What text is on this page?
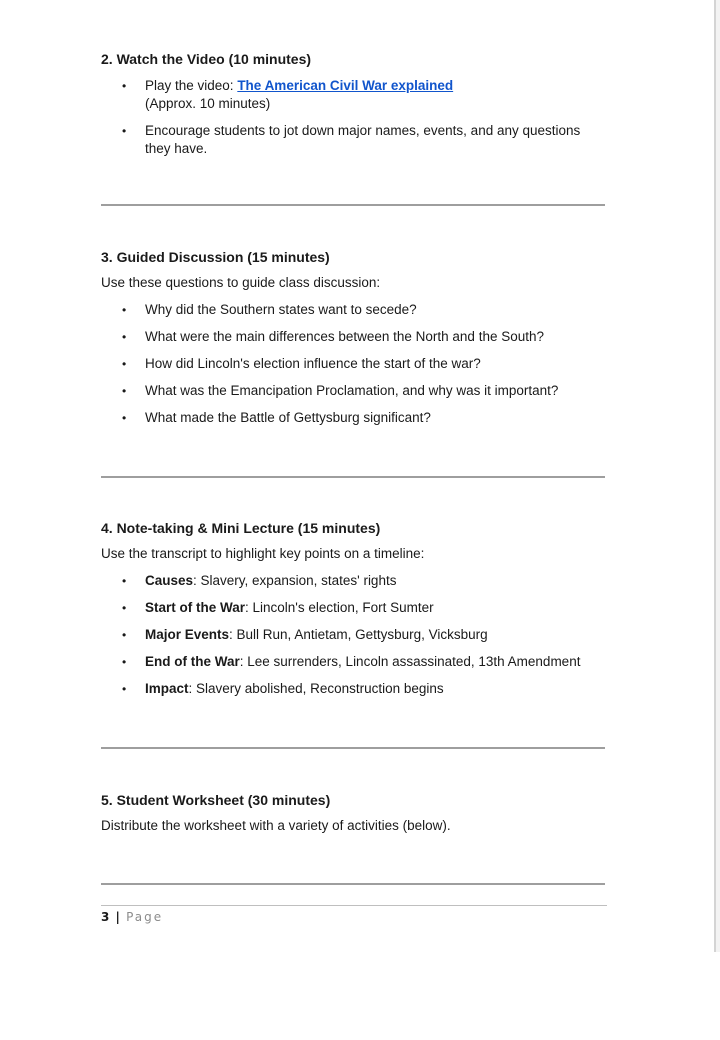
2. Watch the Video (10 minutes)
• Play the video: The American Civil War explained
(Approx. 10 minutes)
• Encourage students to jot down major names, events, and any questions they have.
3. Guided Discussion (15 minutes)

Use these questions to guide class discussion:

• Why did the Southern states want to secede?
• What were the main differences between the North and the South?
• How did Lincoln's election influence the start of the war?
• What was the Emancipation Proclamation, and why was it important?
• What made the Battle of Gettysburg significant?
4. Note-taking & Mini Lecture (15 minutes)

Use the transcript to highlight key points on a timeline:

• Causes: Slavery, expansion, states' rights
• Start of the War: Lincoln's election, Fort Sumter
• Major Events: Bull Run, Antietam, Gettysburg, Vicksburg
• End of the War: Lee surrenders, Lincoln assassinated, 13th Amendment
• Impact: Slavery abolished, Reconstruction begins
5. Student Worksheet (30 minutes)

Distribute the worksheet with a variety of activities (below).

3 | Page
